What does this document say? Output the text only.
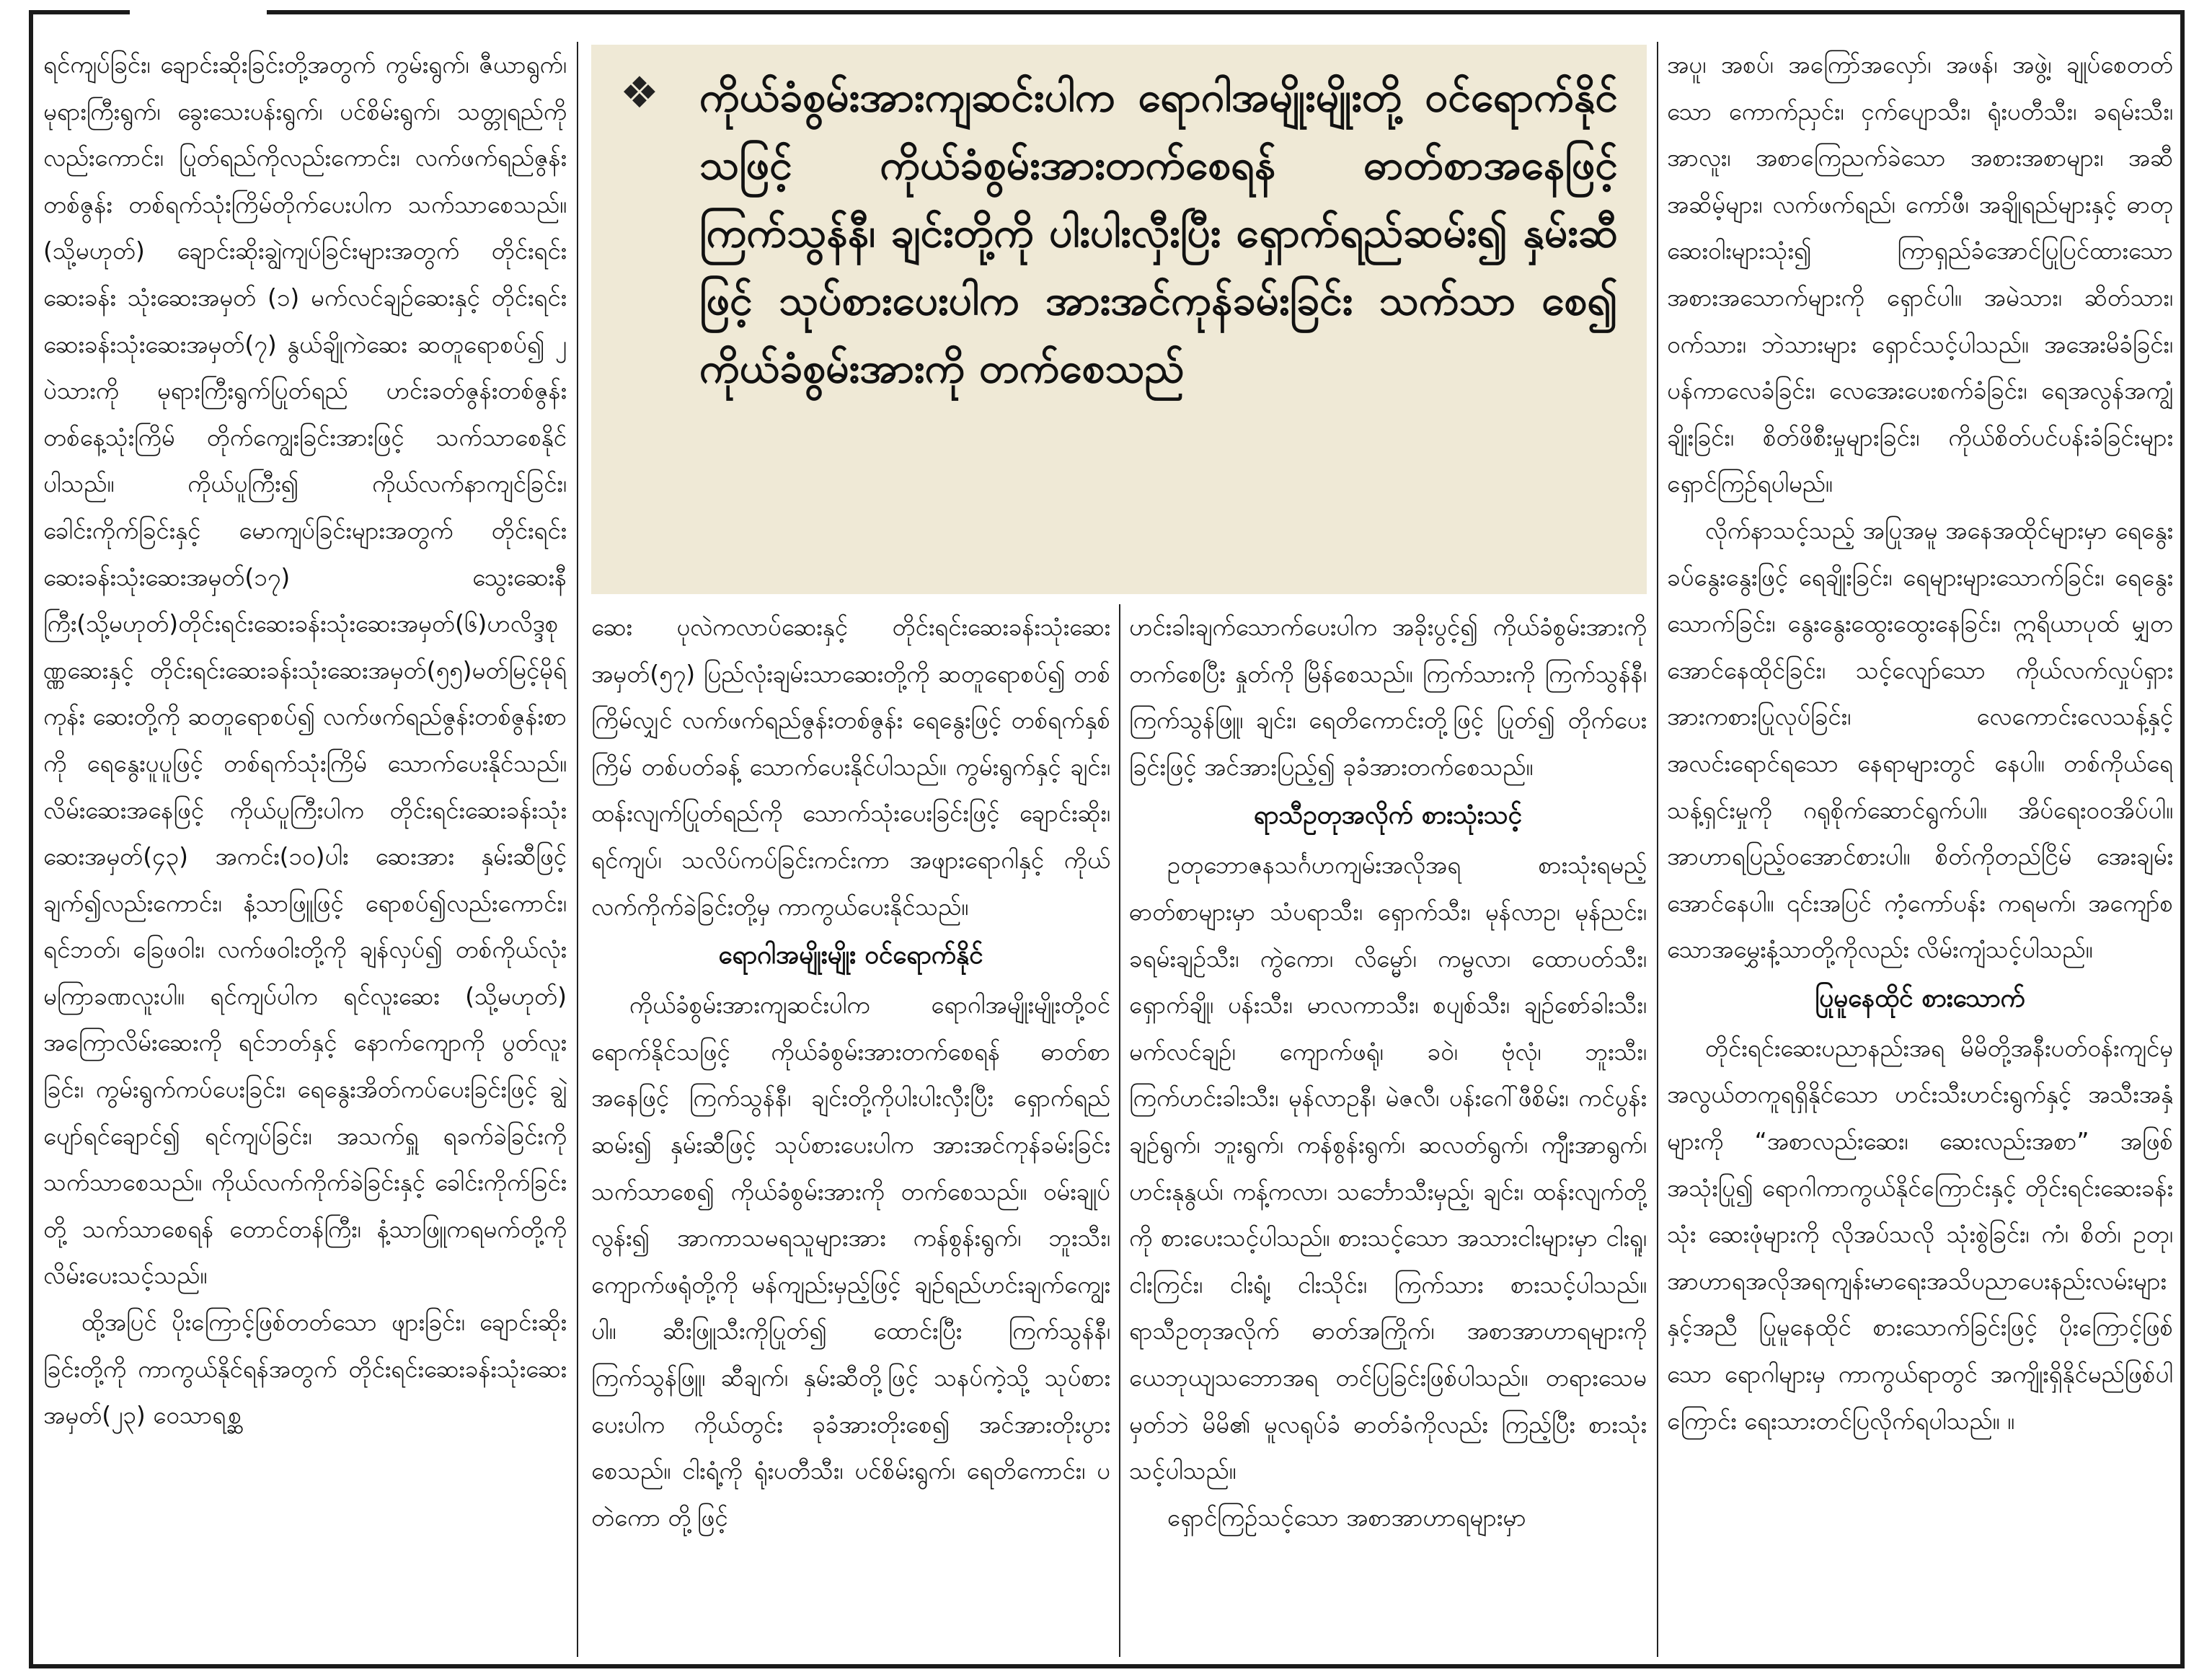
ရင်ကျပ်ခြင်း၊ ချောင်းဆိုးခြင်းတို့အတွက် ကွမ်းရွက်၊ ဇီယာရွက်၊ မုရားကြီးရွက်၊ ခွေးသေးပန်းရွက်၊ ပင်စိမ်းရွက်၊ သတ္တုရည်ကိုလည်းကောင်း၊ ပြုတ်ရည်ကိုလည်းကောင်း၊ လက်ဖက်ရည်ဇွန်း တစ်ဇွန်း တစ်ရက်သုံးကြိမ်တိုက်ပေးပါက သက်သာစေသည်။ (သို့မဟုတ်) ချောင်းဆိုးချွဲကျပ်ခြင်းများအတွက် တိုင်းရင်းဆေးခန်း သုံးဆေးအမှတ် (၁) မက်လင်ချဉ်ဆေးနှင့် တိုင်းရင်းဆေးခန်းသုံးဆေးအမှတ်(၇) နွယ်ချိုကဲဆေး ဆတူရောစပ်၍ ၂ ပဲသားကို မုရားကြီးရွက်ပြုတ်ရည် ဟင်းခတ်ဇွန်းတစ်ဇွန်း တစ်နေ့သုံးကြိမ် တိုက်ကျွေးခြင်းအားဖြင့် သက်သာစေနိုင်ပါသည်။ ကိုယ်ပူကြီး၍ ကိုယ်လက်နာကျင်ခြင်း၊ ခေါင်းကိုက်ခြင်းနှင့် မောကျပ်ခြင်းများအတွက် တိုင်းရင်းဆေးခန်းသုံးဆေးအမှတ်(၁၇) သွေးဆေးနီကြီး(သို့မဟုတ်)တိုင်းရင်းဆေးခန်းသုံးဆေးအမှတ်(၆)ဟလိဒ္ဒစုဏ္ဏဆေးနှင့် တိုင်းရင်းဆေးခန်းသုံးဆေးအမှတ်(၅၅)မတ်မြင့်မိုရ်ကုန်း ဆေးတို့ကို ဆတူရောစပ်၍ လက်ဖက်ရည်ဇွန်းတစ်ဇွန်းစာကို ရေနွေးပူပူဖြင့် တစ်ရက်သုံးကြိမ် သောက်ပေးနိုင်သည်။ လိမ်းဆေးအနေဖြင့် ကိုယ်ပူကြီးပါက တိုင်းရင်းဆေးခန်းသုံး ဆေးအမှတ်(၄၃) အကင်း(၁၀)ပါး ဆေးအား နှမ်းဆီဖြင့်ချက်၍လည်းကောင်း၊ နံ့သာဖြူဖြင့် ရောစပ်၍လည်းကောင်း၊ ရင်ဘတ်၊ ခြေဖဝါး၊ လက်ဖဝါးတို့ကို ချန်လှပ်၍ တစ်ကိုယ်လုံး မကြာခဏလူးပါ။ ရင်ကျပ်ပါက ရင်လူးဆေး (သို့မဟုတ်) အကြောလိမ်းဆေးကို ရင်ဘတ်နှင့် နောက်ကျောကို ပွတ်လူးခြင်း၊ ကွမ်းရွက်ကပ်ပေးခြင်း၊ ရေနွေးအိတ်ကပ်ပေးခြင်းဖြင့် ချွဲပျော်ရင်ချောင်၍ ရင်ကျပ်ခြင်း၊ အသက်ရှူ ရခက်ခဲခြင်းကို သက်သာစေသည်။ ကိုယ်လက်ကိုက်ခဲခြင်းနှင့် ခေါင်းကိုက်ခြင်းတို့ သက်သာစေရန် တောင်တန်ကြီး၊ နံ့သာဖြူကရမက်တို့ကို လိမ်းပေးသင့်သည်။

ထို့အပြင် ပိုးကြောင့်ဖြစ်တတ်သော ဖျားခြင်း၊ ချောင်းဆိုးခြင်းတို့ကို ကာကွယ်နိုင်ရန်အတွက် တိုင်းရင်းဆေးခန်းသုံးဆေးအမှတ်(၂၃) ဝေသာရစ္ဆ

❖ ကိုယ်ခံစွမ်းအားကျဆင်းပါက ရောဂါအမျိုးမျိုးတို့ ဝင်ရောက်နိုင်သဖြင့် ကိုယ်ခံစွမ်းအားတက်စေရန် ဓာတ်စာအနေဖြင့် ကြက်သွန်နီ၊ ချင်းတို့ကို ပါးပါးလှီးပြီး ရှောက်ရည်ဆမ်း၍ နှမ်းဆီဖြင့် သုပ်စားပေးပါက အားအင်ကုန်ခမ်းခြင်း သက်သာ စေ၍ ကိုယ်ခံစွမ်းအားကို တက်စေသည်

ဆေး ပုလဲကလာပ်ဆေးနှင့် တိုင်းရင်းဆေးခန်းသုံးဆေး အမှတ်(၅၇) ပြည်လုံးချမ်းသာဆေးတို့ကို ဆတူရောစပ်၍ တစ်ကြိမ်လျှင် လက်ဖက်ရည်ဇွန်းတစ်ဇွန်း ရေနွေးဖြင့် တစ်ရက်နှစ်ကြိမ် တစ်ပတ်ခန့် သောက်ပေးနိုင်ပါသည်။ ကွမ်းရွက်နှင့် ချင်း၊ ထန်းလျက်ပြုတ်ရည်ကို သောက်သုံးပေးခြင်းဖြင့် ချောင်းဆိုး၊ ရင်ကျပ်၊ သလိပ်ကပ်ခြင်းကင်းကာ အဖျားရောဂါနှင့် ကိုယ်လက်ကိုက်ခဲခြင်းတို့မှ ကာကွယ်ပေးနိုင်သည်။

ရောဂါအမျိုးမျိုး ဝင်ရောက်နိုင်

ကိုယ်ခံစွမ်းအားကျဆင်းပါက ရောဂါအမျိုးမျိုးတို့ဝင်ရောက်နိုင်သဖြင့် ကိုယ်ခံစွမ်းအားတက်စေရန် ဓာတ်စာအနေဖြင့် ကြက်သွန်နီ၊ ချင်းတို့ကိုပါးပါးလှီးပြီး ရှောက်ရည်ဆမ်း၍ နှမ်းဆီဖြင့် သုပ်စားပေးပါက အားအင်ကုန်ခမ်းခြင်း သက်သာစေ၍ ကိုယ်ခံစွမ်းအားကို တက်စေသည်။ ဝမ်းချုပ်လွန်း၍ အာကာသမရသူများအား ကန်စွန်းရွက်၊ ဘူးသီး၊ ကျောက်ဖရုံတို့ကို မန်ကျည်းမှည့်ဖြင့် ချဉ်ရည်ဟင်းချက်ကျွေးပါ။ ဆီးဖြူသီးကိုပြုတ်၍ ထောင်းပြီး ကြက်သွန်နီ၊ ကြက်သွန်ဖြူ၊ ဆီချက်၊ နှမ်းဆီတို့ဖြင့် သနပ်ကဲ့သို့ သုပ်စားပေးပါက ကိုယ်တွင်း ခုခံအားတိုးစေ၍ အင်အားတိုးပွားစေသည်။ ငါးရံ့ကို ရုံးပတီသီး၊ ပင်စိမ်းရွက်၊ ရေတိကောင်း၊ ပတဲကော တို့ဖြင့်

ဟင်းခါးချက်သောက်ပေးပါက အခိုးပွင့်၍ ကိုယ်ခံစွမ်းအားကိုတက်စေပြီး နှုတ်ကို မြိန်စေသည်။ ကြက်သားကို ကြက်သွန်နီ၊ ကြက်သွန်ဖြူ၊ ချင်း၊ ရေတိကောင်းတို့ဖြင့် ပြုတ်၍ တိုက်ပေးခြင်းဖြင့် အင်အားပြည့်၍ ခုခံအားတက်စေသည်။

ရာသီဥတုအလိုက် စားသုံးသင့်

ဥတုဘောဇနသင်္ဂဟကျမ်းအလိုအရ စားသုံးရမည့် ဓာတ်စာများမှာ သံပရာသီး၊ ရှောက်သီး၊ မုန်လာဥ၊ မုန်ညင်း၊ ခရမ်းချဉ်သီး၊ ကွဲကော၊ လိမ္မော်၊ ကမ္ဗလာ၊ ထောပတ်သီး၊ ရှောက်ချို၊ ပန်းသီး၊ မာလကာသီး၊ စပျစ်သီး၊ ချဉ်စော်ခါးသီး၊ မက်လင်ချဉ်၊ ကျောက်ဖရုံ၊ ခဝဲ၊ ဗုံလုံ၊ ဘူးသီး၊ ကြက်ဟင်းခါးသီး၊ မုန်လာဥနီ၊ မဲဇလီ၊ ပန်းဂေါ်ဖီစိမ်း၊ ကင်ပွန်းချဉ်ရွက်၊ ဘူးရွက်၊ ကန်စွန်းရွက်၊ ဆလတ်ရွက်၊ ကျီးအာရွက်၊ ဟင်းနုနွယ်၊ ကန့်ကလာ၊ သင်္ဘောသီးမှည့်၊ ချင်း၊ ထန်းလျက်တို့ကို စားပေးသင့်ပါသည်။ စားသင့်သော အသားငါးများမှာ ငါးရူ၊ ငါးကြင်း၊ ငါးရံ့၊ ငါးသိုင်း၊ ကြက်သား စားသင့်ပါသည်။ ရာသီဥတုအလိုက် ဓာတ်အကြိုက်၊ အစာအာဟာရများကို ယေဘုယျသဘောအရ တင်ပြခြင်းဖြစ်ပါသည်။ တရားသေမမှတ်ဘဲ မိမိ၏ မူလရုပ်ခံ ဓာတ်ခံကိုလည်း ကြည့်ပြီး စားသုံးသင့်ပါသည်။

ရှောင်ကြဉ်သင့်သော အစာအာဟာရများမှာ

အပူ၊ အစပ်၊ အကြော်အလှော်၊ အဖန်၊ အဖွဲ့၊ ချုပ်စေတတ်သော ကောက်ညှင်း၊ ငှက်ပျောသီး၊ ရုံးပတီသီး၊ ခရမ်းသီး၊ အာလူး၊ အစာကြေညက်ခဲသော အစားအစာများ၊ အဆီအဆိမ့်များ၊ လက်ဖက်ရည်၊ ကော်ဖီ၊ အချိုရည်များနှင့် ဓာတုဆေးဝါးများသုံး၍ ကြာရှည်ခံအောင်ပြုပြင်ထားသော အစားအသောက်များကို ရှောင်ပါ။ အမဲသား၊ ဆိတ်သား၊ ဝက်သား၊ ဘဲသားများ ရှောင်သင့်ပါသည်။ အအေးမိခံခြင်း၊ ပန်ကာလေခံခြင်း၊ လေအေးပေးစက်ခံခြင်း၊ ရေအလွန်အကျွံချိုးခြင်း၊ စိတ်ဖိစီးမှုများခြင်း၊ ကိုယ်စိတ်ပင်ပန်းခံခြင်းများ ရှောင်ကြဉ်ရပါမည်။

လိုက်နာသင့်သည့် အပြုအမူ အနေအထိုင်များမှာ ရေနွေးခပ်နွေးနွေးဖြင့် ရေချိုးခြင်း၊ ရေများများသောက်ခြင်း၊ ရေနွေးသောက်ခြင်း၊ နွေးနွေးထွေးထွေးနေခြင်း၊ ဣရိယာပုထ် မျှတအောင်နေထိုင်ခြင်း၊ သင့်လျော်သော ကိုယ်လက်လှုပ်ရှားအားကစားပြုလုပ်ခြင်း၊ လေကောင်းလေသန့်နှင့် အလင်းရောင်ရသော နေရာများတွင် နေပါ။ တစ်ကိုယ်ရေသန့်ရှင်းမှုကို ဂရုစိုက်ဆောင်ရွက်ပါ။ အိပ်ရေးဝဝအိပ်ပါ။ အာဟာရပြည့်ဝအောင်စားပါ။ စိတ်ကိုတည်ငြိမ် အေးချမ်းအောင်နေပါ။ ၎င်းအပြင် ကံ့ကော်ပန်း ကရမက်၊ အကျော်စသောအမွှေးနံ့သာတို့ကိုလည်း လိမ်းကျံသင့်ပါသည်။

ပြုမူနေထိုင် စားသောက်

တိုင်းရင်းဆေးပညာနည်းအရ မိမိတို့အနီးပတ်ဝန်းကျင်မှ အလွယ်တကူရရှိနိုင်သော ဟင်းသီးဟင်းရွက်နှင့် အသီးအနှံများကို “အစာလည်းဆေး၊ ဆေးလည်းအစာ” အဖြစ် အသုံးပြု၍ ရောဂါကာကွယ်နိုင်ကြောင်းနှင့် တိုင်းရင်းဆေးခန်းသုံး ဆေးဖုံများကို လိုအပ်သလို သုံးစွဲခြင်း၊ ကံ၊ စိတ်၊ ဥတု၊ အာဟာရအလိုအရကျန်းမာရေးအသိပညာပေးနည်းလမ်းများနှင့်အညီ ပြုမူနေထိုင် စားသောက်ခြင်းဖြင့် ပိုးကြောင့်ဖြစ်သော ရောဂါများမှ ကာကွယ်ရာတွင် အကျိုးရှိနိုင်မည်ဖြစ်ပါကြောင်း ရေးသားတင်ပြလိုက်ရပါသည်။ ။
